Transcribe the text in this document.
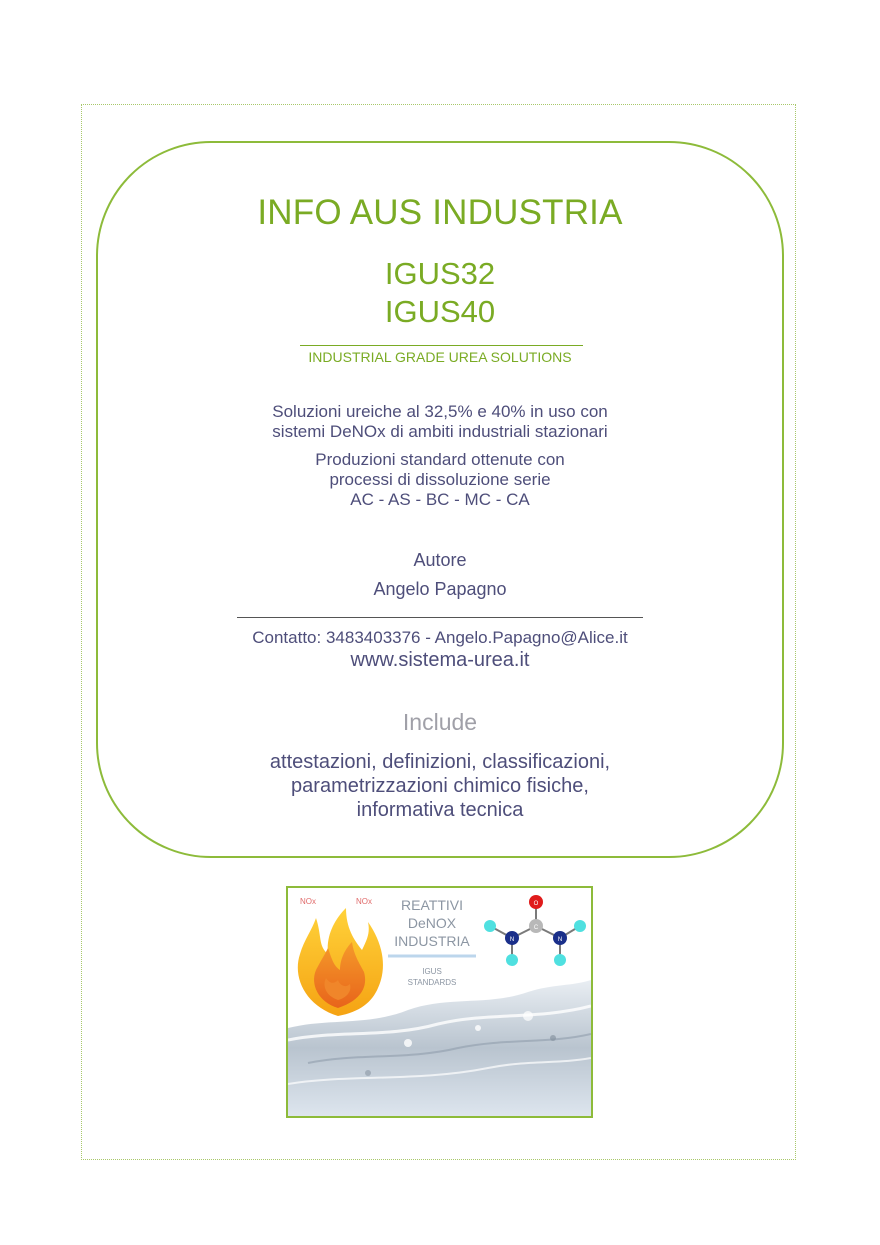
INFO AUS INDUSTRIA
IGUS32
IGUS40
INDUSTRIAL GRADE UREA SOLUTIONS
Soluzioni ureiche al 32,5% e 40% in uso con
sistemi DeNOx di ambiti industriali stazionari
Produzioni standard ottenute con
processi di dissoluzione serie
AC - AS - BC - MC - CA
Autore
Angelo Papagno
Contatto: 3483403376 - Angelo.Papagno@Alice.it
www.sistema-urea.it
Include
attestazioni, definizioni, classificazioni,
parametrizzazioni chimico fisiche,
informativa tecnica
NOx	NOx REATTIVI
DeNOX
INDUSTRIA
IGUS
STANDARDS
O
C
N	N
